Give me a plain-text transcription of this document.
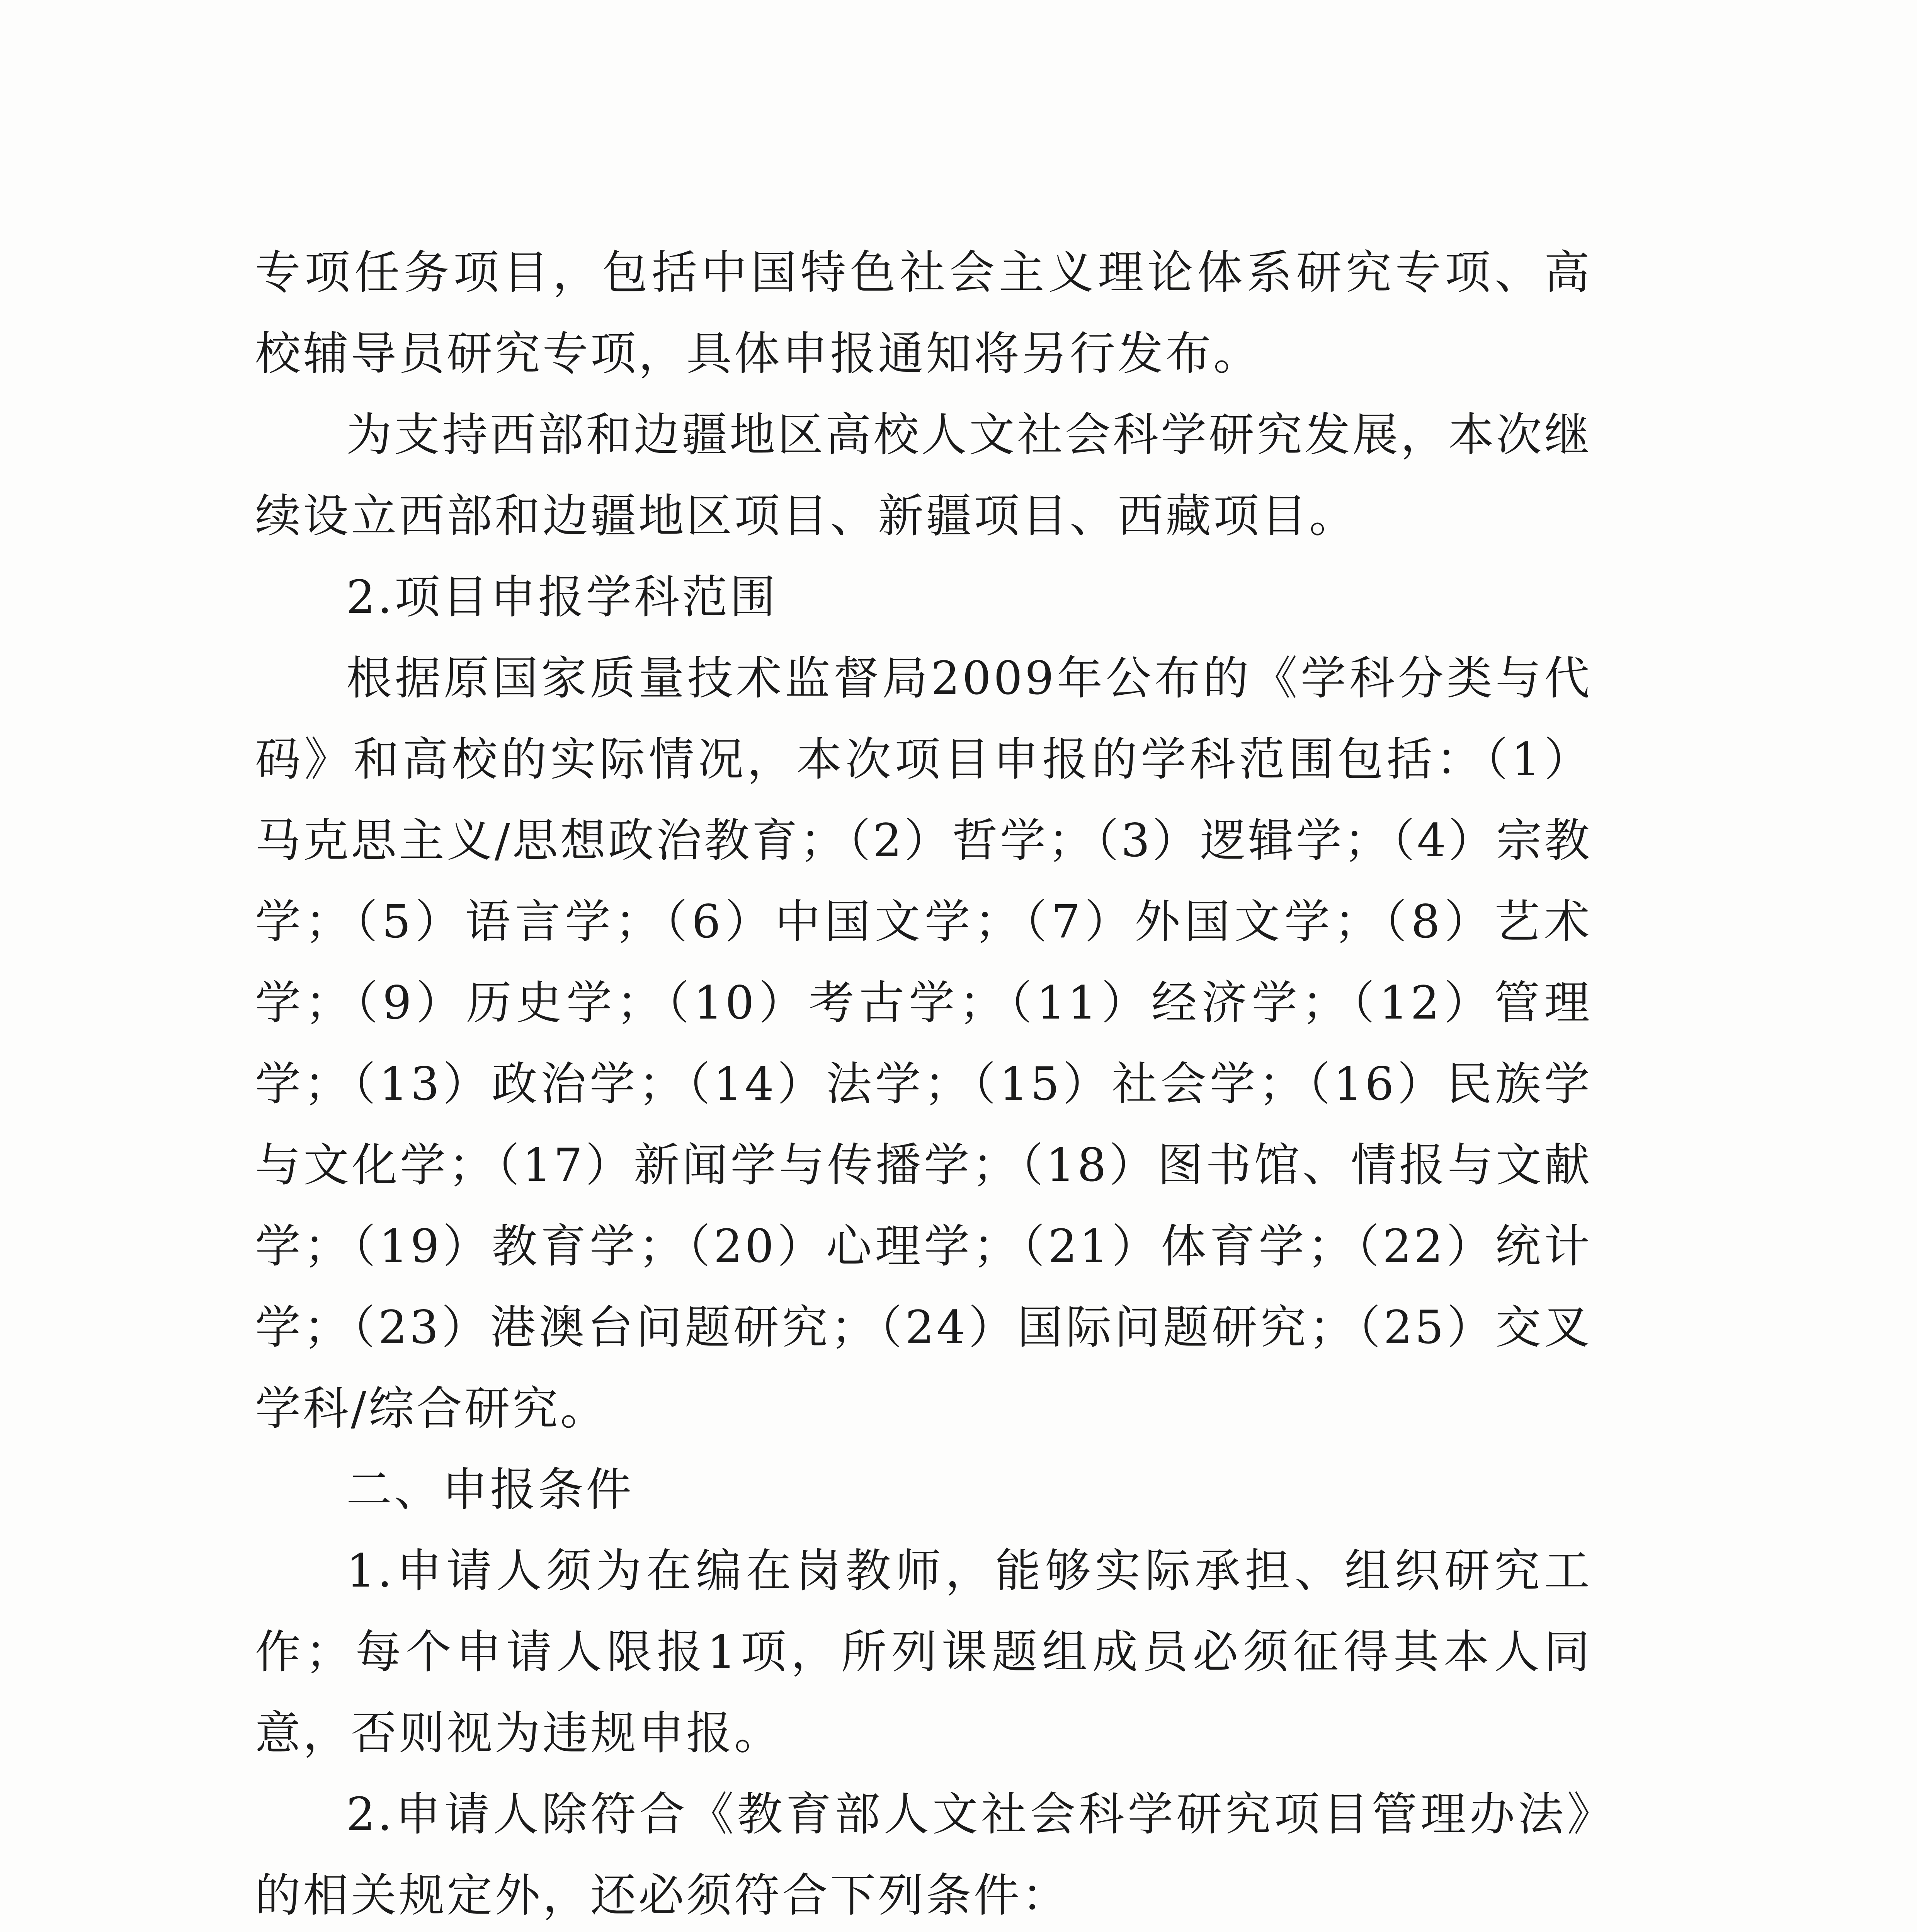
专项任务项目，包括中国特色社会主义理论体系研究专项、高校辅导员研究专项，具体申报通知将另行发布。

为支持西部和边疆地区高校人文社会科学研究发展，本次继续设立西部和边疆地区项目、新疆项目、西藏项目。

2.项目申报学科范围

根据原国家质量技术监督局2009年公布的《学科分类与代码》和高校的实际情况，本次项目申报的学科范围包括：（1）马克思主义/思想政治教育；（2）哲学；（3）逻辑学；（4）宗教学；（5）语言学；（6）中国文学；（7）外国文学；（8）艺术学；（9）历史学；（10）考古学；（11）经济学；（12）管理学；（13）政治学；（14）法学；（15）社会学；（16）民族学与文化学；（17）新闻学与传播学；（18）图书馆、情报与文献学；（19）教育学；（20）心理学；（21）体育学；（22）统计学；（23）港澳台问题研究；（24）国际问题研究；（25）交叉学科/综合研究。

二、申报条件

1.申请人须为在编在岗教师，能够实际承担、组织研究工作；每个申请人限报1项，所列课题组成员必须征得其本人同意，否则视为违规申报。

2.申请人除符合《教育部人文社会科学研究项目管理办法》的相关规定外，还必须符合下列条件：
